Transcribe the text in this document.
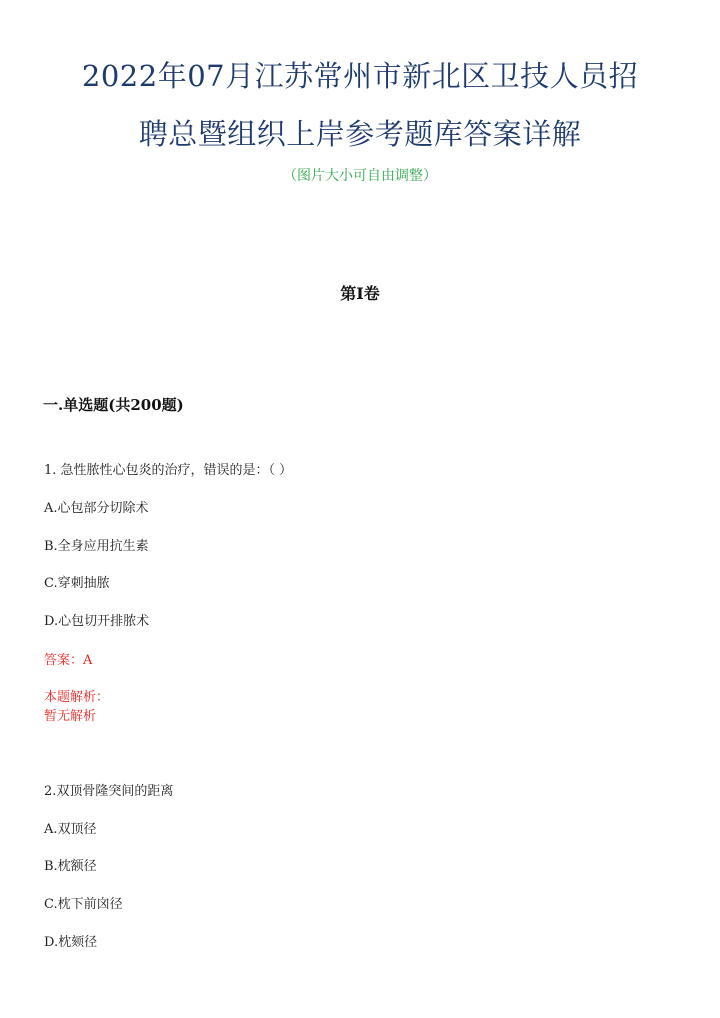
2022年07月江苏常州市新北区卫技人员招
聘总暨组织上岸参考题库答案详解
（图片大小可自由调整）
第Ⅰ卷
一.单选题(共200题)
1. 急性脓性心包炎的治疗，错误的是：（ ）
A.心包部分切除术
B.全身应用抗生素
C.穿刺抽脓
D.心包切开排脓术
答案：A
本题解析：
暂无解析
2.双顶骨隆突间的距离
A.双顶径
B.枕额径
C.枕下前囟径
D.枕颏径
